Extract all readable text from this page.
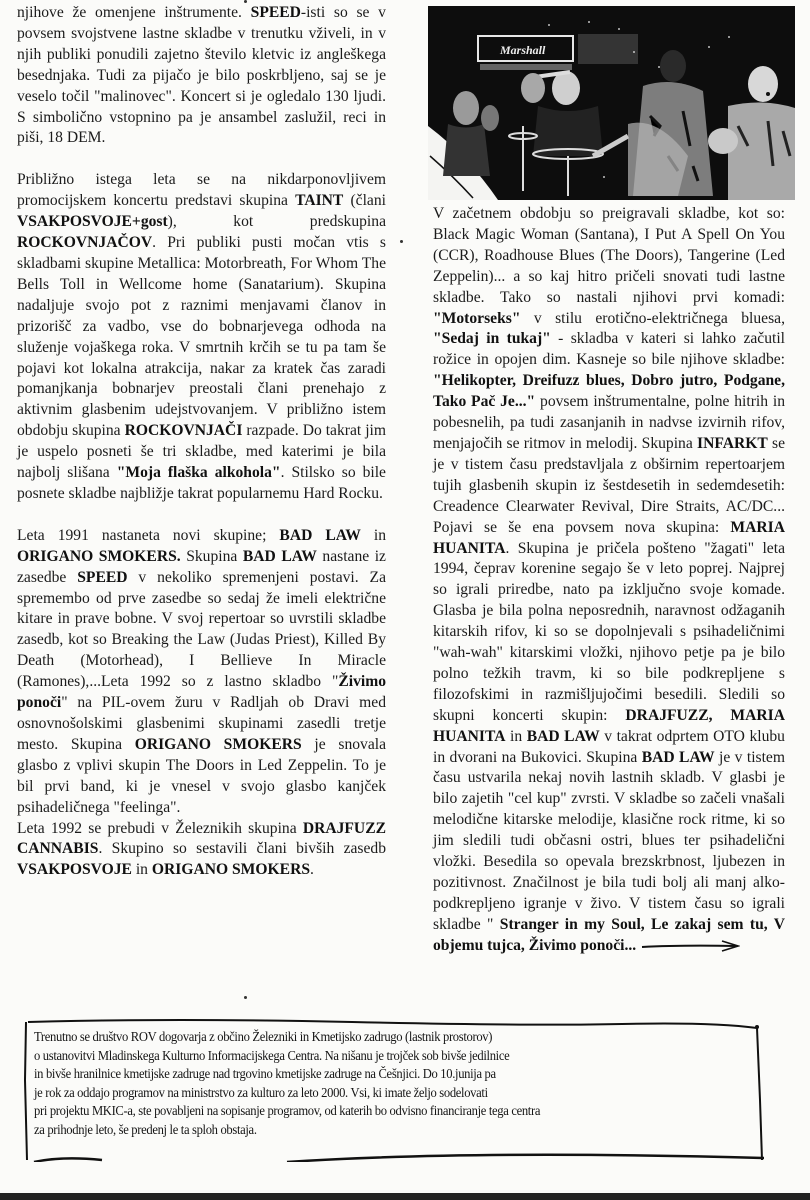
njihove že omenjene inštrumente. SPEED-isti so se v povsem svojstvene lastne skladbe v trenutku vživeli, in v njih publiki ponudili zajetno število kletvic iz angleškega besednjaka. Tudi za pijačo je bilo poskrbljeno, saj se je veselo točil "malinovec". Koncert si je ogledalo 130 ljudi. S simbolično vstopnino pa je ansambel zaslužil, reci in piši, 18 DEM.

Približno istega leta se na nikdarponovljivem promocijskem koncertu predstavi skupina TAINT (člani VSAKPOSVOJE+gost), kot predskupina ROCKOVNJAČOV. Pri publiki pusti močan vtis s skladbami skupine Metallica: Motorbreath, For Whom The Bells Toll in Wellcome home (Sanatarium). Skupina nadaljuje svojo pot z raznimi menjavami članov in prizorišč za vadbo, vse do bobnarjevega odhoda na služenje vojaškega roka. V smrtnih krčih se tu pa tam še pojavi kot lokalna atrakcija, nakar za kratek čas zaradi pomanjkanja bobnarjev preostali člani prenehajo z aktivnim glasbenim udejstvovanjem. V približno istem obdobju skupina ROCKOVNJAČI razpade. Do takrat jim je uspelo posneti še tri skladbe, med katerimi je bila najbolj slišana "Moja flaška alkohola". Stilsko so bile posnete skladbe najbližje takrat popularnemu Hard Rocku.

Leta 1991 nastaneta novi skupine; BAD LAW in ORIGANO SMOKERS. Skupina BAD LAW nastane iz zasedbe SPEED v nekoliko spremenjeni postavi. Za spremembo od prve zasedbe so sedaj že imeli električne kitare in prave bobne. V svoj repertoar so uvrstili skladbe zasedb, kot so Breaking the Law (Judas Priest), Killed By Death (Motorhead), I Bellieve In Miracle (Ramones),...Leta 1992 so z lastno skladbo "Živimo ponoči" na PIL-ovem žuru v Radljah ob Dravi med osnovnošolskimi glasbenimi skupinami zasedli tretje mesto. Skupina ORIGANO SMOKERS je snovala glasbo z vplivi skupin The Doors in Led Zeppelin. To je bil prvi band, ki je vnesel v svojo glasbo kanjček psihadeličnega "feelinga".

Leta 1992 se prebudi v Železnikih skupina DRAJFUZZ CANNABIS. Skupino so sestavili člani bivših zasedb VSAKPOSVOJE in ORIGANO SMOKERS.

Marshall

V začetnem obdobju so preigravali skladbe, kot so: Black Magic Woman (Santana), I Put A Spell On You (CCR), Roadhouse Blues (The Doors), Tangerine (Led Zeppelin)... a so kaj hitro pričeli snovati tudi lastne skladbe. Tako so nastali njihovi prvi komadi: "Motorseks" v stilu erotično-električnega bluesa, "Sedaj in tukaj" - skladba v kateri si lahko začutil rožice in opojen dim. Kasneje so bile njihove skladbe: "Helikopter, Dreifuzz blues, Dobro jutro, Podgane, Tako Pač Je..." povsem inštrumentalne, polne hitrih in pobesnelih, pa tudi zasanjanih in nadvse izvirnih rifov, menjajočih se ritmov in melodij. Skupina INFARKT se je v tistem času predstavljala z obširnim repertoarjem tujih glasbenih skupin iz šestdesetih in sedemdesetih: Creadence Clearwater Revival, Dire Straits, AC/DC... Pojavi se še ena povsem nova skupina: MARIA HUANITA. Skupina je pričela pošteno "žagati" leta 1994, čeprav korenine segajo še v leto poprej. Najprej so igrali priredbe, nato pa izključno svoje komade. Glasba je bila polna neposrednih, naravnost odžaganih kitarskih rifov, ki so se dopolnjevali s psihadeličnimi "wah-wah" kitarskimi vložki, njihovo petje pa je bilo polno težkih travm, ki so bile podkrepljene s filozofskimi in razmišljujočimi besedili. Sledili so skupni koncerti skupin: DRAJFUZZ, MARIA HUANITA in BAD LAW v takrat odprtem OTO klubu in dvorani na Bukovici. Skupina BAD LAW je v tistem času ustvarila nekaj novih lastnih skladb. V glasbi je bilo zajetih "cel kup" zvrsti. V skladbe so začeli vnašali melodične kitarske melodije, klasične rock ritme, ki so jim sledili tudi občasni ostri, blues ter psihadelični vložki. Besedila so opevala brezskrbnost, ljubezen in pozitivnost. Značilnost je bila tudi bolj ali manj alko-podkrepljeno igranje v živo. V tistem času so igrali skladbe " Stranger in my Soul, Le zakaj sem tu, V objemu tujca, Živimo ponoči...

Trenutno se društvo ROV dogovarja z občino Železniki in Kmetijsko zadrugo (lastnik prostorov)
o ustanovitvi Mladinskega Kulturno Informacijskega Centra. Na nišanu je trojček sob bivše jedilnice
in bivše hranilnice kmetijske zadruge nad trgovino kmetijske zadruge na Češnjici. Do 10.junija pa
je rok za oddajo programov na ministrstvo za kulturo za leto 2000. Vsi, ki imate željo sodelovati
pri projektu MKIC-a, ste povabljeni na sopisanje programov, od katerih bo odvisno financiranje tega centra
za prihodnje leto, še predenj le ta sploh obstaja.
